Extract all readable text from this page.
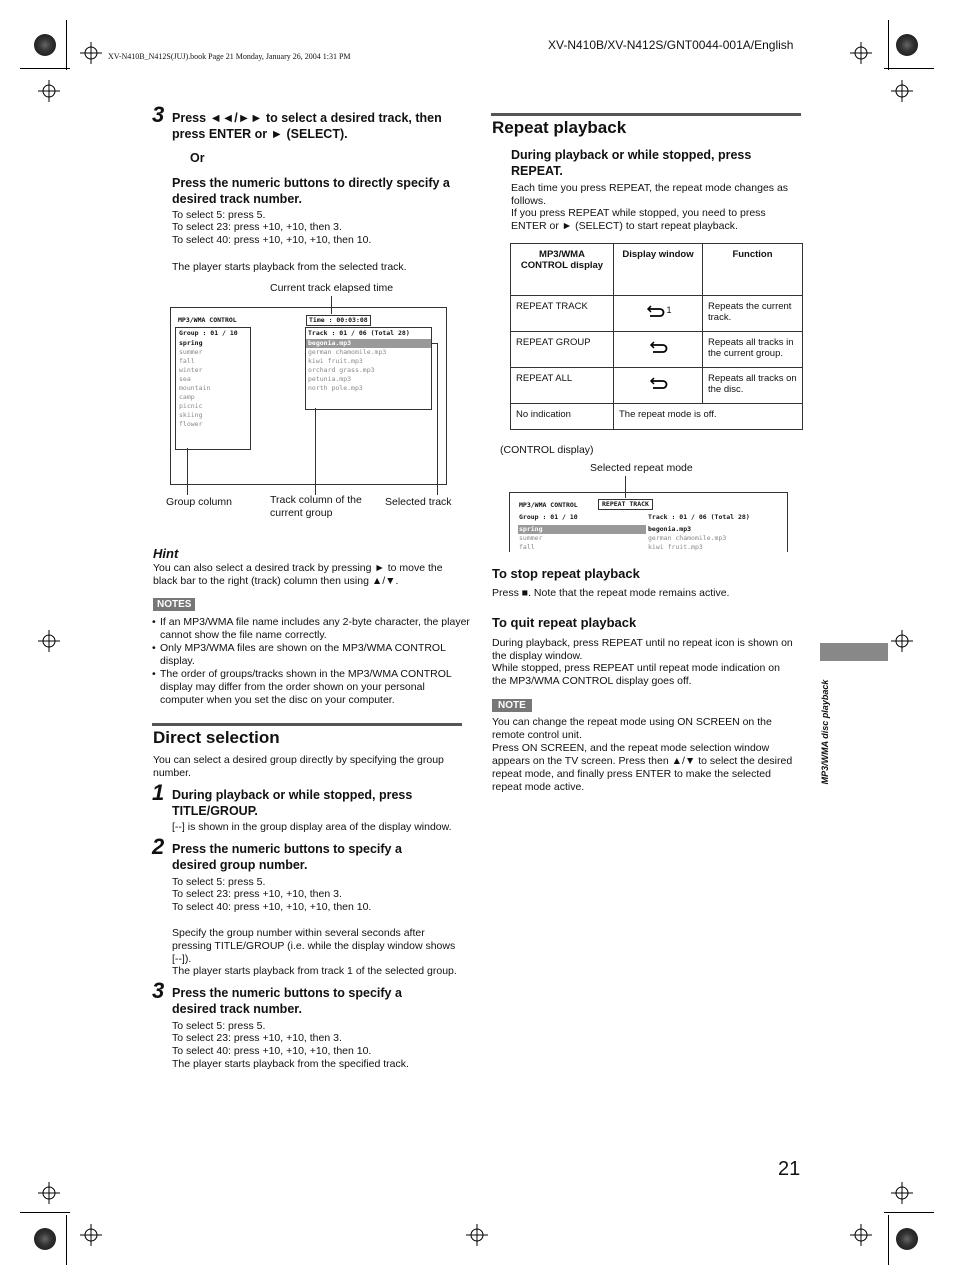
XV-N410B_N412S(JUJ).book Page 21 Monday, January 26, 2004 1:31 PM
XV-N410B/XV-N412S/GNT0044-001A/English
3 Press ◄◄/►► to select a desired track, then press ENTER or ► (SELECT).
Or
Press the numeric buttons to directly specify a desired track number.
To select 5: press 5.
To select 23: press +10, +10, then 3.
To select 40: press +10, +10, +10, then 10.
The player starts playback from the selected track.
Current track elapsed time
MP3/WMA CONTROL
Group : 01 / 10
spring
summer
fall
winter
sea
mountain
camp
picnic
skiing
flower
Time : 00:03:08
Track : 01 / 06 (Total 28)
begonia.mp3
german chamomile.mp3
kiwi fruit.mp3
orchard grass.mp3
petunia.mp3
north pole.mp3
Group column	Track column of the current group
Selected track
Hint
You can also select a desired track by pressing ► to move the black bar to the right (track) column then using ▲/▼.
NOTES
• If an MP3/WMA file name includes any 2-byte character, the player cannot show the file name correctly.
• Only MP3/WMA files are shown on the MP3/WMA CONTROL display.
• The order of groups/tracks shown in the MP3/WMA CONTROL display may differ from the order shown on your personal computer when you set the disc on your computer.
Direct selection
You can select a desired group directly by specifying the group number.
1 During playback or while stopped, press TITLE/GROUP.
[--] is shown in the group display area of the display window.
2 Press the numeric buttons to specify a desired group number.
To select 5: press 5.
To select 23: press +10, +10, then 3.
To select 40: press +10, +10, +10, then 10.
Specify the group number within several seconds after pressing TITLE/GROUP (i.e. while the display window shows [--]).
The player starts playback from track 1 of the selected group.
3 Press the numeric buttons to specify a desired track number.
To select 5: press 5.
To select 23: press +10, +10, then 3.
To select 40: press +10, +10, +10, then 10.
The player starts playback from the specified track.
Repeat playback
During playback or while stopped, press REPEAT.
Each time you press REPEAT, the repeat mode changes as follows.
If you press REPEAT while stopped, you need to press ENTER or ► (SELECT) to start repeat playback.
MP3/WMA CONTROL display	Display window	Function
REPEAT TRACK	1	Repeats the current track.
REPEAT GROUP		Repeats all tracks in the current group.
REPEAT ALL		Repeats all tracks on the disc.
No indication	The repeat mode is off.	
(CONTROL display)
Selected repeat mode
MP3/WMA CONTROL	REPEAT TRACK
Group : 01 / 10
spring
summer
fall
Track : 01 / 06 (Total 28)
begonia.mp3
german chamomile.mp3
kiwi fruit.mp3
To stop repeat playback
Press ■. Note that the repeat mode remains active.
To quit repeat playback
During playback, press REPEAT until no repeat icon is shown on the display window.
While stopped, press REPEAT until repeat mode indication on the MP3/WMA CONTROL display goes off.
NOTE
You can change the repeat mode using ON SCREEN on the remote control unit.
Press ON SCREEN, and the repeat mode selection window appears on the TV screen. Press then ▲/▼ to select the desired repeat mode, and finally press ENTER to make the selected repeat mode active.
MP3/WMA disc playback
21
